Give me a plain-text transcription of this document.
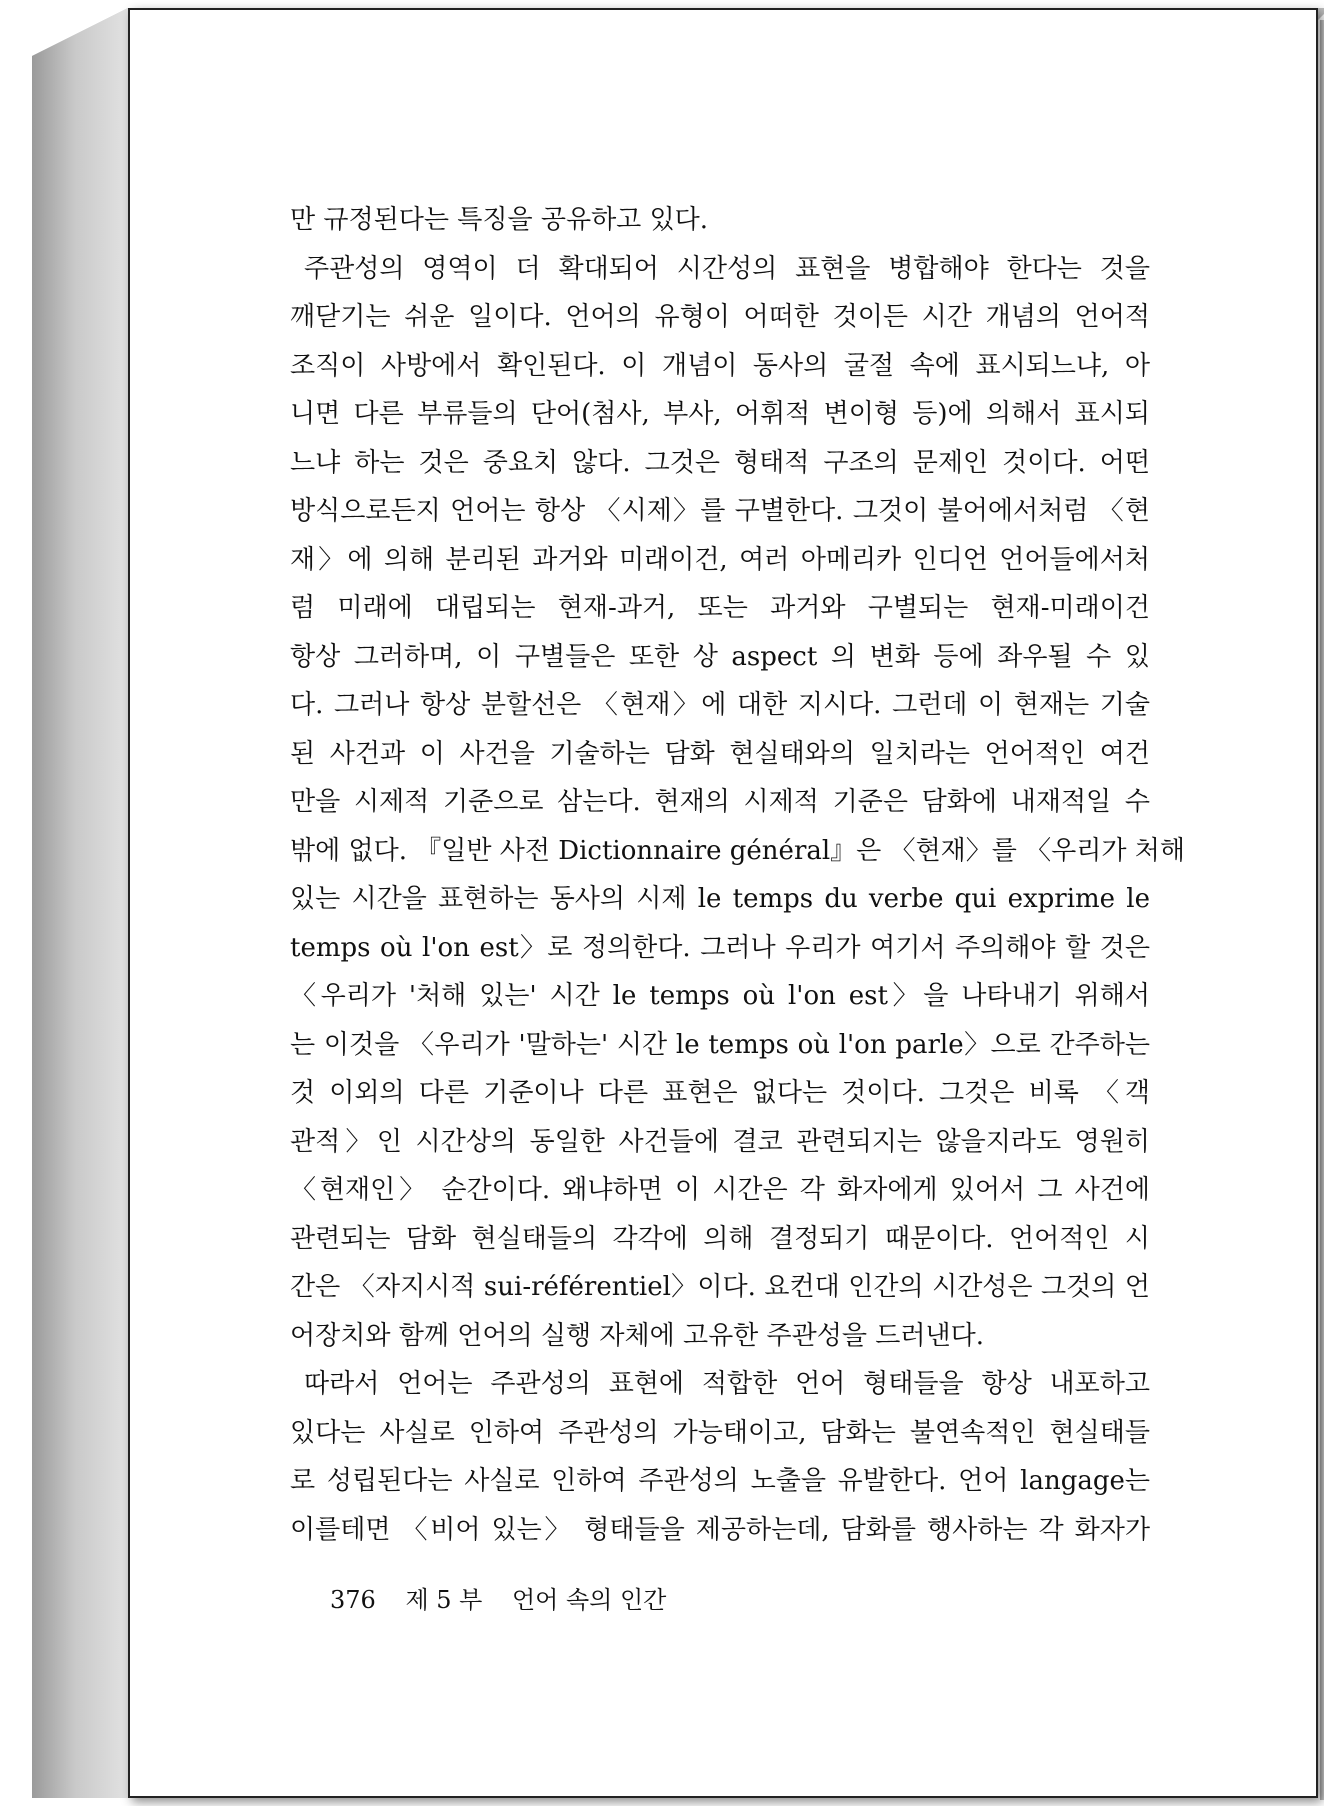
만 규정된다는 특징을 공유하고 있다.
주관성의 영역이 더 확대되어 시간성의 표현을 병합해야 한다는 것을
깨닫기는 쉬운 일이다. 언어의 유형이 어떠한 것이든 시간 개념의 언어적
조직이 사방에서 확인된다. 이 개념이 동사의 굴절 속에 표시되느냐, 아
니면 다른 부류들의 단어(첨사, 부사, 어휘적 변이형 등)에 의해서 표시되
느냐 하는 것은 중요치 않다. 그것은 형태적 구조의 문제인 것이다. 어떤
방식으로든지 언어는 항상 〈시제〉를 구별한다. 그것이 불어에서처럼 〈현
재〉에 의해 분리된 과거와 미래이건, 여러 아메리카 인디언 언어들에서처
럼 미래에 대립되는 현재-과거, 또는 과거와 구별되는 현재-미래이건
항상 그러하며, 이 구별들은 또한 상 aspect 의 변화 등에 좌우될 수 있
다. 그러나 항상 분할선은 〈현재〉에 대한 지시다. 그런데 이 현재는 기술
된 사건과 이 사건을 기술하는 담화 현실태와의 일치라는 언어적인 여건
만을 시제적 기준으로 삼는다. 현재의 시제적 기준은 담화에 내재적일 수
밖에 없다. 『일반 사전 Dictionnaire général』은 〈현재〉를 〈우리가 처해
있는 시간을 표현하는 동사의 시제 le temps du verbe qui exprime le
temps où l'on est〉로 정의한다. 그러나 우리가 여기서 주의해야 할 것은
〈우리가 '처해 있는' 시간 le temps où l'on est〉을 나타내기 위해서
는 이것을 〈우리가 '말하는' 시간 le temps où l'on parle〉으로 간주하는
것 이외의 다른 기준이나 다른 표현은 없다는 것이다. 그것은 비록 〈객
관적〉인 시간상의 동일한 사건들에 결코 관련되지는 않을지라도 영원히
〈현재인〉 순간이다. 왜냐하면 이 시간은 각 화자에게 있어서 그 사건에
관련되는 담화 현실태들의 각각에 의해 결정되기 때문이다. 언어적인 시
간은 〈자지시적 sui-référentiel〉이다. 요컨대 인간의 시간성은 그것의 언
어장치와 함께 언어의 실행 자체에 고유한 주관성을 드러낸다.
따라서 언어는 주관성의 표현에 적합한 언어 형태들을 항상 내포하고
있다는 사실로 인하여 주관성의 가능태이고, 담화는 불연속적인 현실태들
로 성립된다는 사실로 인하여 주관성의 노출을 유발한다. 언어 langage는
이를테면 〈비어 있는〉 형태들을 제공하는데, 담화를 행사하는 각 화자가
376 제 5 부 언어 속의 인간
